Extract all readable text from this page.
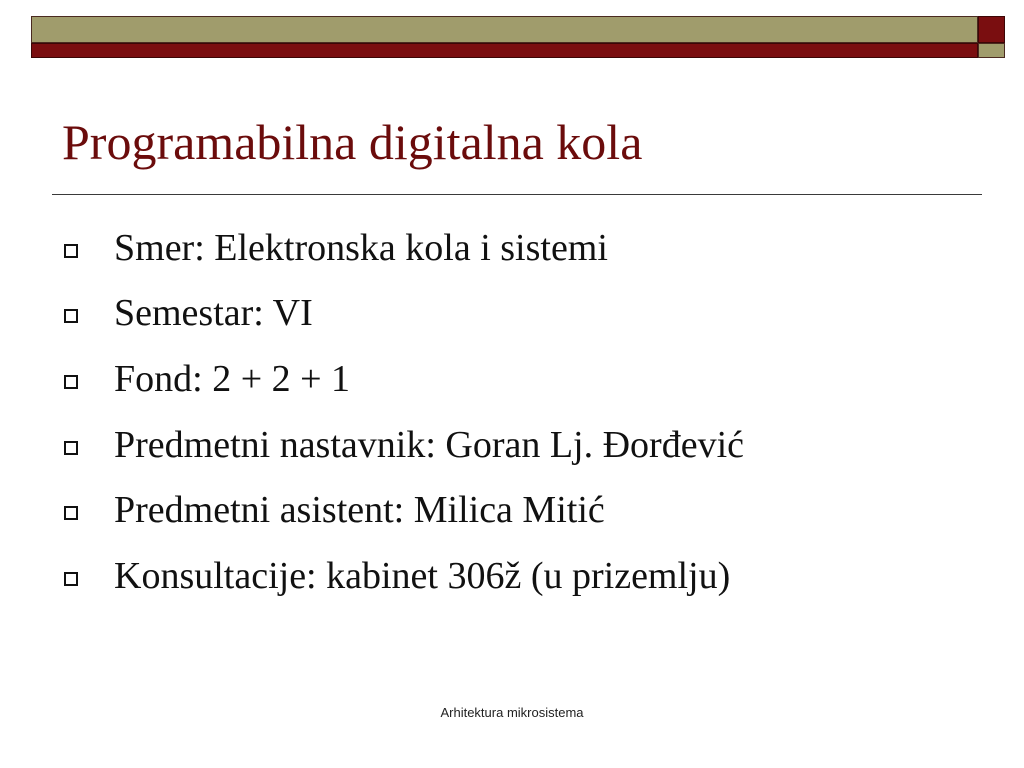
Programabilna digitalna kola
Smer: Elektronska kola i sistemi
Semestar: VI
Fond: 2 + 2 + 1
Predmetni nastavnik: Goran Lj. Đorđević
Predmetni asistent: Milica Mitić
Konsultacije: kabinet 306ž (u prizemlju)
Arhitektura mikrosistema
